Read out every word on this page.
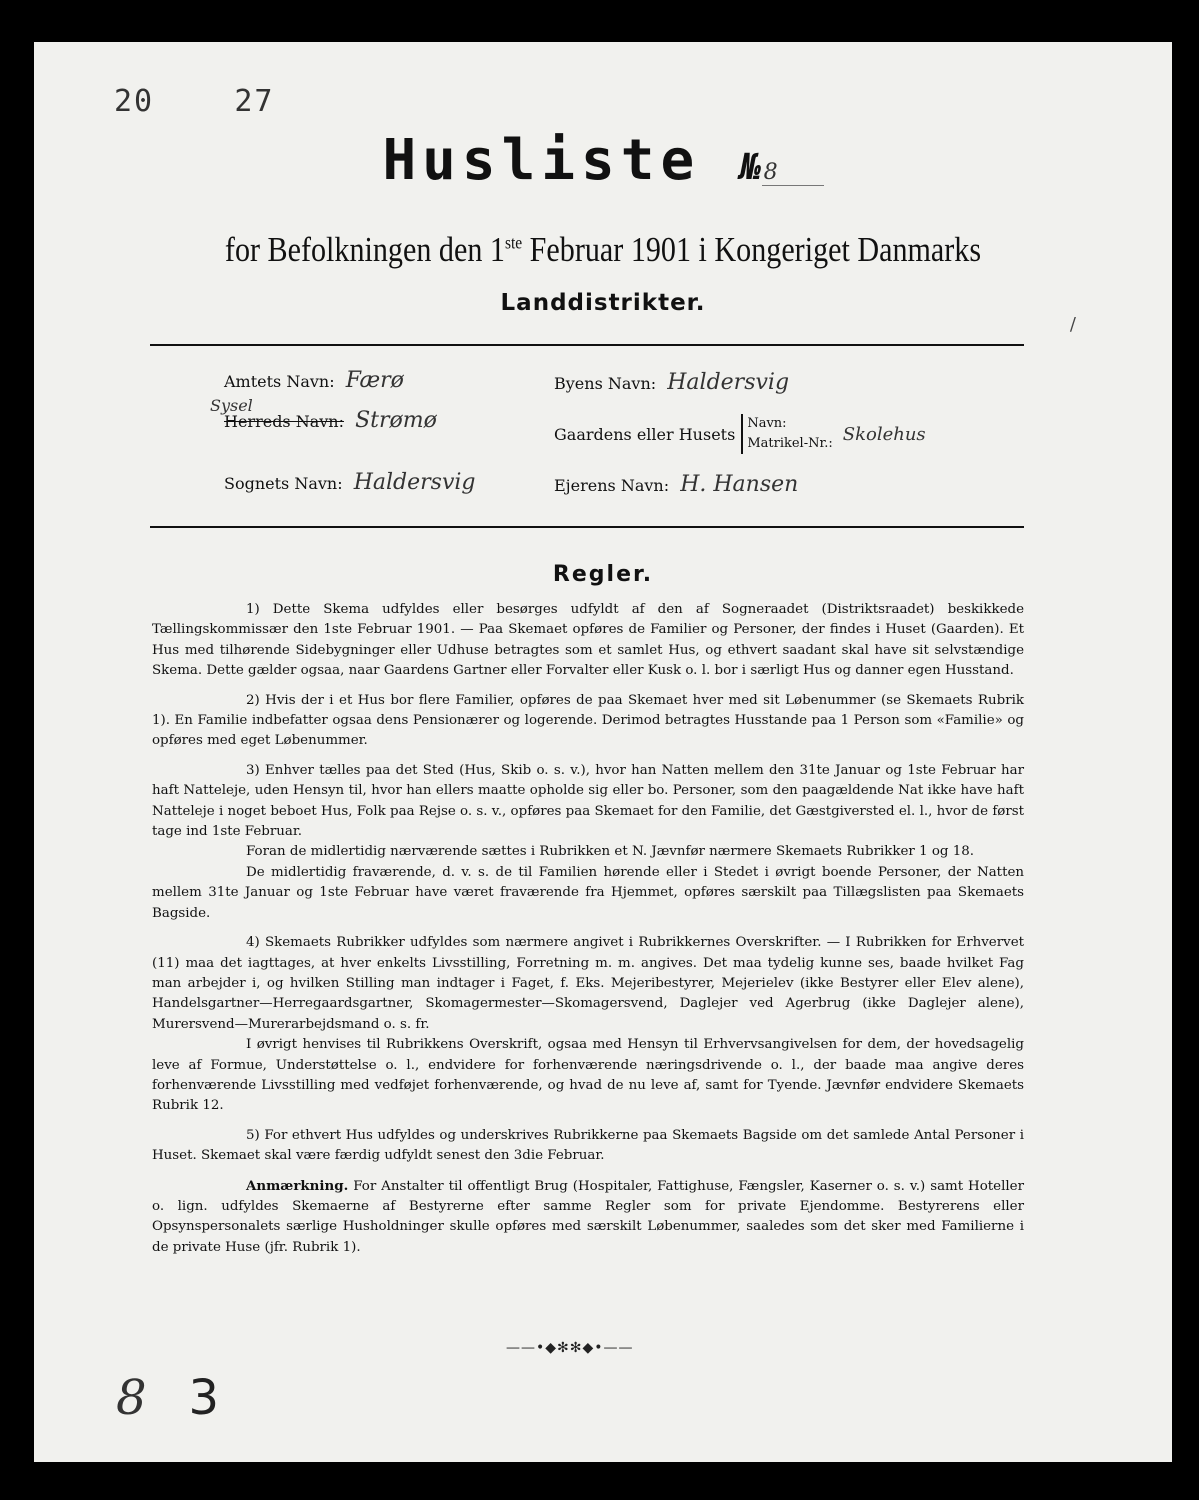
20	27
Husliste №8
for Befolkningen den 1ste Februar 1901 i Kongeriget Danmarks
Landdistrikter.
Amtets Navn: Færø
Sysel
Herreds Navn: Strømø
Sognets Navn: Haldersvig
Byens Navn: Haldersvig
Gaardens eller Husets
Navn:
Matrikel-Nr.: Skolehus
Ejerens Navn: H. Hansen
Regler.

1) Dette Skema udfyldes eller besørges udfyldt af den af Sogneraadet (Distriktsraadet) beskikkede Tællingskommissær den 1ste Februar 1901. — Paa Skemaet opføres de Familier og Personer, der findes i Huset (Gaarden). Et Hus med tilhørende Sidebygninger eller Udhuse betragtes som et samlet Hus, og ethvert saadant skal have sit selvstændige Skema. Dette gælder ogsaa, naar Gaardens Gartner eller Forvalter eller Kusk o. l. bor i særligt Hus og danner egen Husstand.

2) Hvis der i et Hus bor flere Familier, opføres de paa Skemaet hver med sit Løbenummer (se Skemaets Rubrik 1). En Familie indbefatter ogsaa dens Pensionærer og logerende. Derimod betragtes Husstande paa 1 Person som «Familie» og opføres med eget Løbenummer.

3) Enhver tælles paa det Sted (Hus, Skib o. s. v.), hvor han Natten mellem den 31te Januar og 1ste Februar har haft Natteleje, uden Hensyn til, hvor han ellers maatte opholde sig eller bo. Personer, som den paagældende Nat ikke have haft Natteleje i noget beboet Hus, Folk paa Rejse o. s. v., opføres paa Skemaet for den Familie, det Gæstgiversted el. l., hvor de først tage ind 1ste Februar.

Foran de midlertidig nærværende sættes i Rubrikken et N. Jævnfør nærmere Skemaets Rubrikker 1 og 18.

De midlertidig fraværende, d. v. s. de til Familien hørende eller i Stedet i øvrigt boende Personer, der Natten mellem 31te Januar og 1ste Februar have været fraværende fra Hjemmet, opføres særskilt paa Tillægslisten paa Skemaets Bagside.

4) Skemaets Rubrikker udfyldes som nærmere angivet i Rubrikkernes Overskrifter. — I Rubrikken for Erhvervet (11) maa det iagttages, at hver enkelts Livsstilling, Forretning m. m. angives. Det maa tydelig kunne ses, baade hvilket Fag man arbejder i, og hvilken Stilling man indtager i Faget, f. Eks. Mejeribestyrer, Mejerielev (ikke Bestyrer eller Elev alene), Handelsgartner—Herregaardsgartner, Skomagermester—Skomagersvend, Daglejer ved Agerbrug (ikke Daglejer alene), Murersvend—Murerarbejdsmand o. s. fr.

I øvrigt henvises til Rubrikkens Overskrift, ogsaa med Hensyn til Erhvervsangivelsen for dem, der hovedsagelig leve af Formue, Understøttelse o. l., endvidere for forhenværende næringsdrivende o. l., der baade maa angive deres forhenværende Livsstilling med vedføjet forhenværende, og hvad de nu leve af, samt for Tyende. Jævnfør endvidere Skemaets Rubrik 12.

5) For ethvert Hus udfyldes og underskrives Rubrikkerne paa Skemaets Bagside om det samlede Antal Personer i Huset. Skemaet skal være færdig udfyldt senest den 3die Februar.

Anmærkning. For Anstalter til offentligt Brug (Hospitaler, Fattighuse, Fængsler, Kaserner o. s. v.) samt Hoteller o. lign. udfyldes Skemaerne af Bestyrerne efter samme Regler som for private Ejendomme. Bestyrerens eller Opsynspersonalets særlige Husholdninger skulle opføres med særskilt Løbenummer, saaledes som det sker med Familierne i de private Huse (jfr. Rubrik 1).

——•◆✻✻◆•——
8 3
/
